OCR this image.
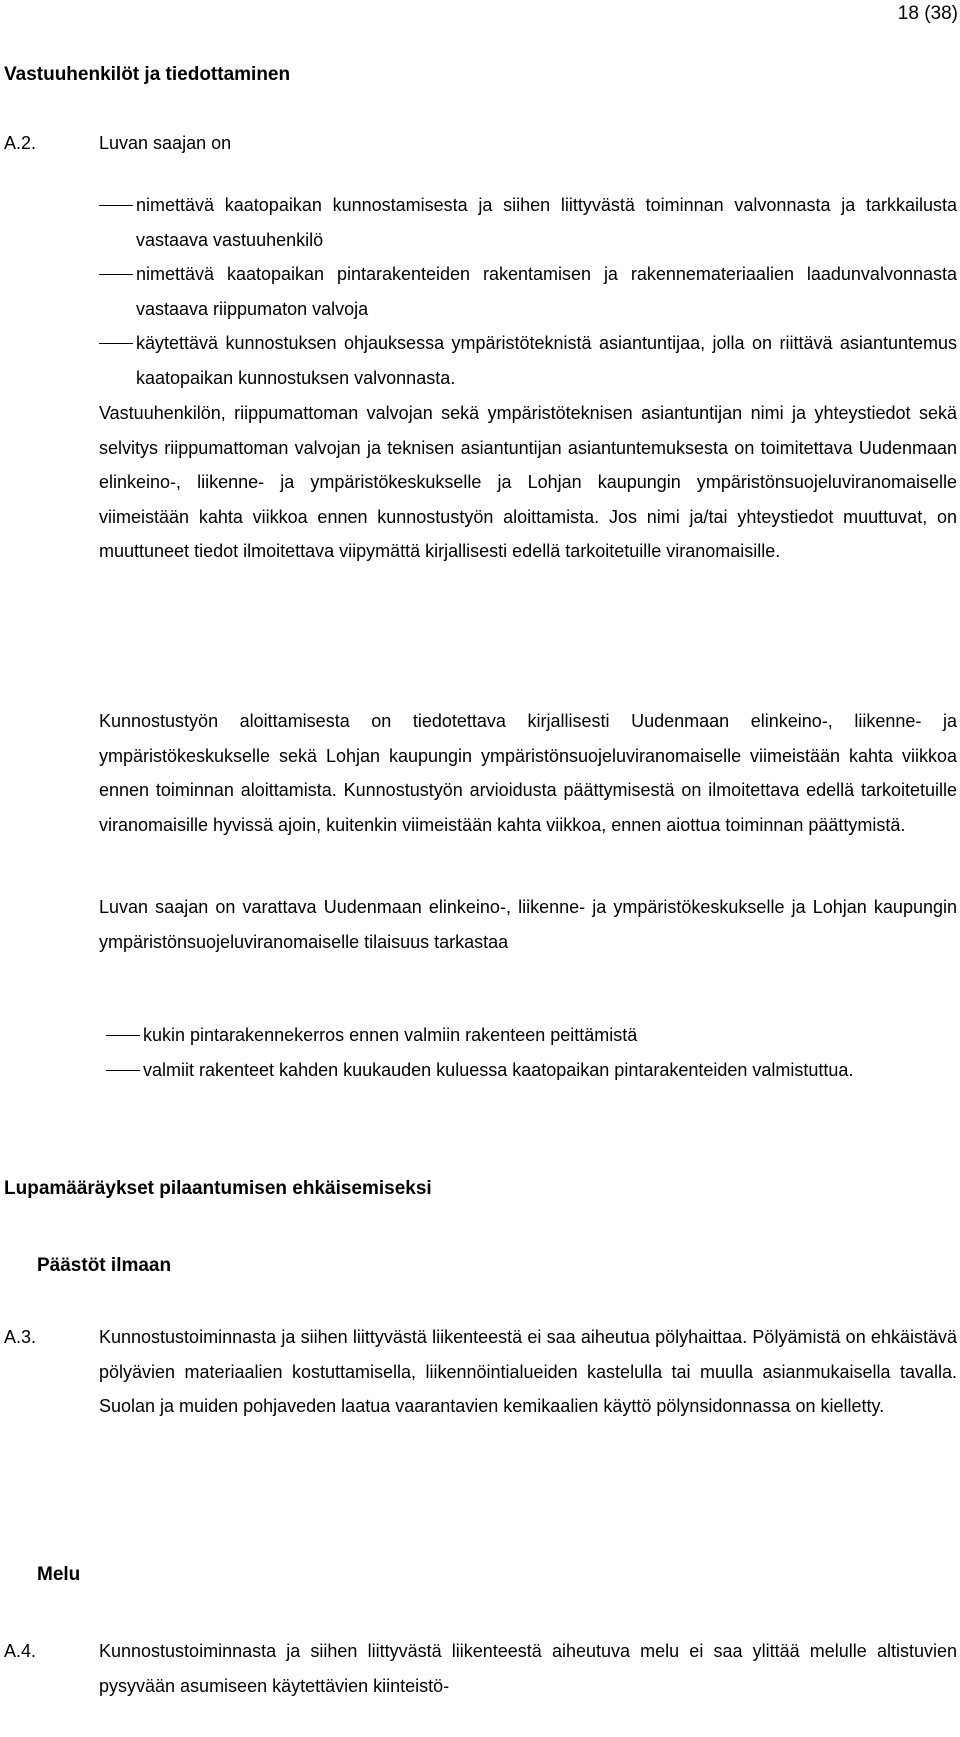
18 (38)
Vastuuhenkilöt ja tiedottaminen
A.2.	Luvan saajan on
nimettävä kaatopaikan kunnostamisesta ja siihen liittyvästä toiminnan valvonnasta ja tarkkailusta vastaava vastuuhenkilö
nimettävä kaatopaikan pintarakenteiden rakentamisen ja rakennemateriaalien laadunvalvonnasta vastaava riippumaton valvoja
käytettävä kunnostuksen ohjauksessa ympäristöteknistä asiantuntijaa, jolla on riittävä asiantuntemus kaatopaikan kunnostuksen valvonnasta.

Vastuuhenkilön, riippumattoman valvojan sekä ympäristöteknisen asiantuntijan nimi ja yhteystiedot sekä selvitys riippumattoman valvojan ja teknisen asiantuntijan asiantuntemuksesta on toimitettava Uudenmaan elinkeino-, liikenne- ja ympäristökeskukselle ja Lohjan kaupungin ympäristönsuojeluviranomaiselle viimeistään kahta viikkoa ennen kunnostustyön aloittamista. Jos nimi ja/tai yhteystiedot muuttuvat, on muuttuneet tiedot ilmoitettava viipymättä kirjallisesti edellä tarkoitetuille viranomaisille.

Kunnostustyön aloittamisesta on tiedotettava kirjallisesti Uudenmaan elinkeino-, liikenne- ja ympäristökeskukselle sekä Lohjan kaupungin ympäristönsuojeluviranomaiselle viimeistään kahta viikkoa ennen toiminnan aloittamista. Kunnostustyön arvioidusta päättymisestä on ilmoitettava edellä tarkoitetuille viranomaisille hyvissä ajoin, kuitenkin viimeistään kahta viikkoa, ennen aiottua toiminnan päättymistä.

Luvan saajan on varattava Uudenmaan elinkeino-, liikenne- ja ympäristökeskukselle ja Lohjan kaupungin ympäristönsuojeluviranomaiselle tilaisuus tarkastaa

kukin pintarakennekerros ennen valmiin rakenteen peittämistä
valmiit rakenteet kahden kuukauden kuluessa kaatopaikan pintarakenteiden valmistuttua.
Lupamääräykset pilaantumisen ehkäisemiseksi
Päästöt ilmaan
A.3.	Kunnostustoiminnasta ja siihen liittyvästä liikenteestä ei saa aiheutua pölyhaittaa. Pölyämistä on ehkäistävä pölyävien materiaalien kostuttamisella, liikennöintialueiden kastelulla tai muulla asianmukaisella tavalla. Suolan ja muiden pohjaveden laatua vaarantavien kemikaalien käyttö pölynsidonnassa on kielletty.

Melu
A.4.	Kunnostustoiminnasta ja siihen liittyvästä liikenteestä aiheutuva melu ei saa ylittää melulle altistuvien pysyvään asumiseen käytettävien kiinteistö-
